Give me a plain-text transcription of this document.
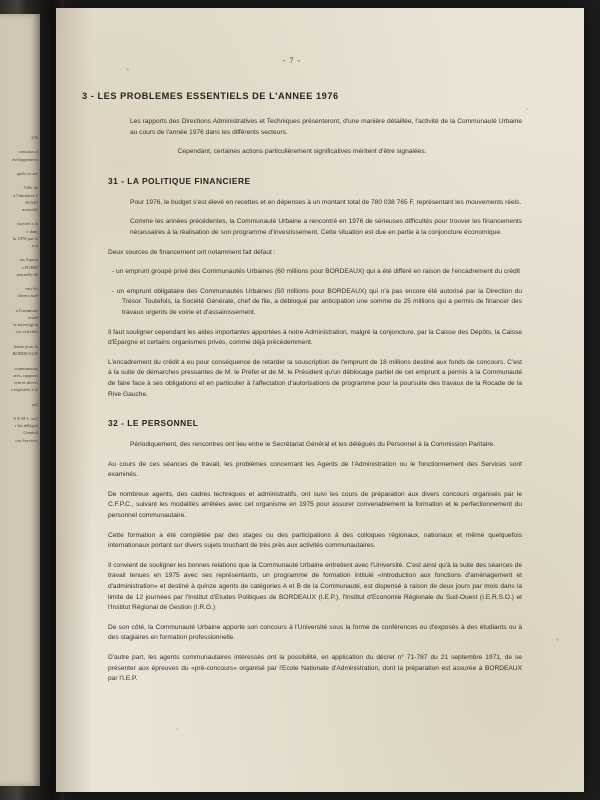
UN,

concours à
éveloppement

quels se are

Ville de
à l'initiative à
ATARI
nouvelle

ssociée a la
e dans
la 1976 par la
ion

en Aquita
s FOIRE
tionnelle de

rmi les
divers suet:

a Communa
ersité
et interrégion
ces activités

haine pour la
BORDEAUX

communauta
rres, rapports,
rent et divers
s exploités à la

util

S E M I., soit
r les délégué
Général,
ces Services
- 7 -
3 - LES PROBLEMES ESSENTIELS DE L'ANNEE 1976

Les rapports des Directions Administratives et Techniques présenteront, d'une manière détaillée, l'activité de la Communauté Urbaine au cours de l'année 1976 dans les différents secteurs.

Cependant, certaines actions particulièrement significatives méritent d'être signalées.

31 - LA POLITIQUE FINANCIERE

Pour 1976, le budget s'est élevé en recettes et en dépenses à un montant total de 780 038 765 F, représentant les mouvements réels.

Comme les années précédentes, la Communauté Urbaine a rencontré en 1976 de sérieuses difficultés pour trouver les financements nécessaires à la réalisation de son programme d'investissement. Cette situation est due en partie à la conjoncture économique.

Deux sources de financement ont notamment fait défaut :

- un emprunt groupé privé des Communautés Urbaines (60 millions pour BORDEAUX) qui a été différé en raison de l'encadrement du crédit

- un emprunt obligataire des Communautés Urbaines (50 millions pour BORDEAUX) qui n'a pas encore été autorisé par la Direction du Trésor. Toutefois, la Société Générale, chef de file, a débloqué par anticipation une somme de 25 millions qui a permis de financer des travaux urgents de voirie et d'assainissement.

Il faut souligner cependant les aides importantes apportées à notre Administration, malgré la conjoncture, par la Caisse des Dépôts, la Caisse d'Epargne et certains organismes privés, comme déjà précédemment.

L'encadrement du crédit a eu pour conséquence de retarder la souscription de l'emprunt de 18 millions destiné aux fonds de concours. C'est à la suite de démarches pressantes de M. le Préfet et de M. le Président qu'un déblocage partiel de cet emprunt a permis à la Communauté de faire face à ses obligations et en particulier à l'affectation d'autorisations de programme pour la poursuite des travaux de la Rocade de la Rive Gauche.

32 - LE PERSONNEL

Périodiquement, des rencontres ont lieu entre le Secrétariat Général et les délégués du Personnel à la Commission Paritaire.

Au cours de ces séances de travail, les problèmes concernant les Agents de l'Administration ou le fonctionnement des Services sont examinés.

De nombreux agents, des cadres techniques et administratifs, ont suivi les cours de préparation aux divers concours organisés par le C.F.P.C., suivant les modalités arrêtées avec cet organisme en 1975 pour assurer convenablement la formation et le perfectionnement du personnel communautaire.

Cette formation a été complétée par des stages ou des participations à des colloques régionaux, nationaux et même quelquefois internationaux portant sur divers sujets touchant de très près aux activités communautaires.

Il convient de souligner les bonnes relations que la Communauté Urbaine entretient avec l'Université. C'est ainsi qu'à la suite des séances de travail tenues en 1975 avec ses représentants, un programme de formation intitulé «Introduction aux fonctions d'aménagement et d'administration» et destiné à quinze agents de catégories A et B de la Communauté, est dispensé à raison de deux jours par mois dans la limite de 12 journées par l'Institut d'Etudes Politiques de BORDEAUX (I.E.P.), l'Institut d'Economie Régionale du Sud-Ouest (I.E.R.S.O.) et l'Institut Régional de Gestion (I.R.G.)

De son côté, la Communauté Urbaine apporte son concours à l'Université sous la forme de conférences ou d'exposés à des étudiants ou à des stagiaires en formation professionnelle.

D'autre part, les agents communautaires intéressés ont la possibilité, en application du décret n° 71-787 du 21 septembre 1971, de se présenter aux épreuves du «pré-concours» organisé par l'Ecole Nationale d'Administration, dont la préparation est assurée à BORDEAUX par l'I.E.P.
